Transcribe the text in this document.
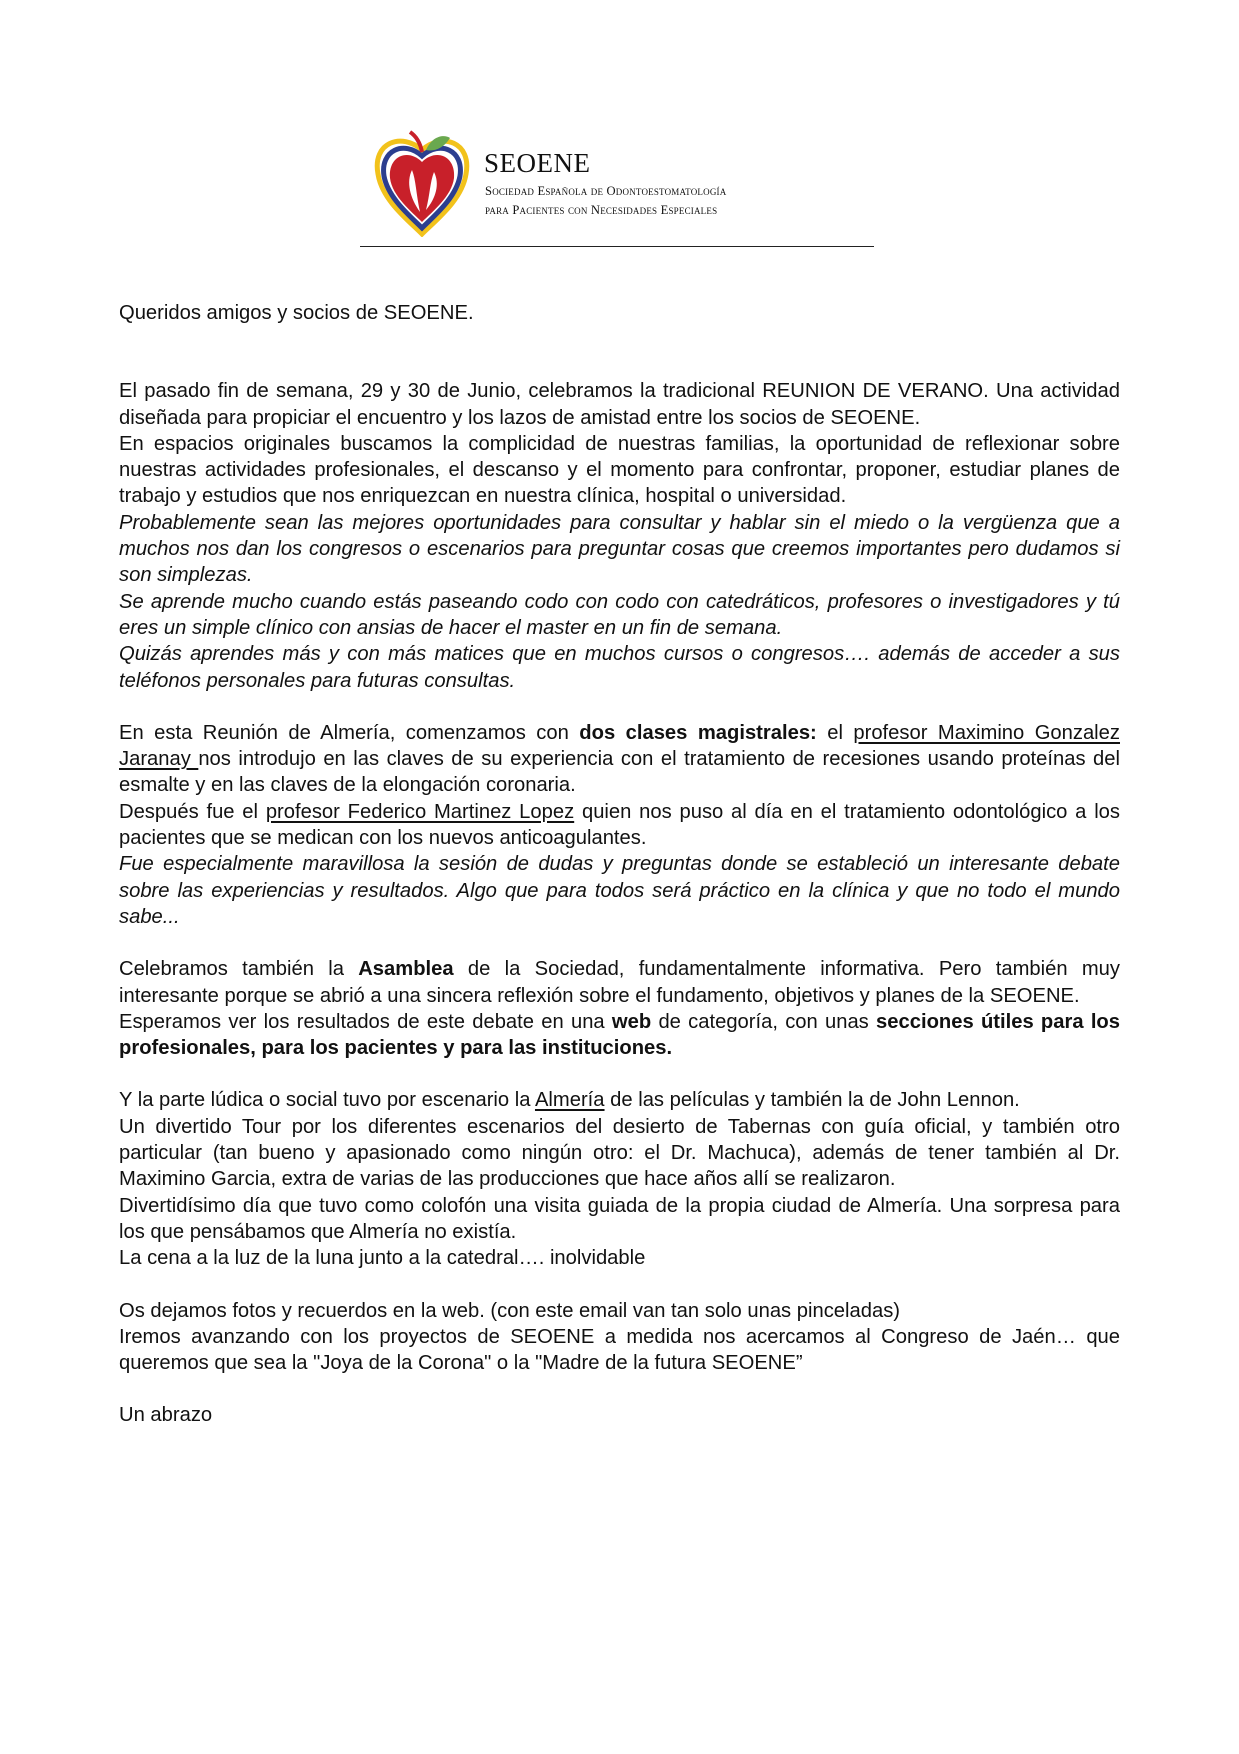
SEOENE
Sociedad Española de Odontoestomatología
para Pacientes con Necesidades Especiales

Queridos amigos y socios de SEOENE.

El pasado fin de semana, 29 y 30 de Junio, celebramos la tradicional REUNION DE VERANO. Una actividad diseñada para propiciar el encuentro y los lazos de amistad entre los socios de SEOENE.

En espacios originales buscamos la complicidad de nuestras familias, la oportunidad de reflexionar sobre nuestras actividades profesionales, el descanso y el momento para confrontar, proponer, estudiar planes de trabajo y estudios que nos enriquezcan en nuestra clínica, hospital o universidad.

Probablemente sean las mejores oportunidades para consultar y hablar sin el miedo o la vergüenza que a muchos nos dan los congresos o escenarios para preguntar cosas que creemos importantes pero dudamos si son simplezas.

Se aprende mucho cuando estás paseando codo con codo con catedráticos, profesores o investigadores y tú eres un simple clínico con ansias de hacer el master en un fin de semana.

Quizás aprendes más y con más matices que en muchos cursos o congresos…. además de acceder a sus teléfonos personales para futuras consultas.

En esta Reunión de Almería, comenzamos con dos clases magistrales: el profesor Maximino Gonzalez Jaranay nos introdujo en las claves de su experiencia con el tratamiento de recesiones usando proteínas del esmalte y en las claves de la elongación coronaria.

Después fue el profesor Federico Martinez Lopez quien nos puso al día en el tratamiento odontológico a los pacientes que se medican con los nuevos anticoagulantes.

Fue especialmente maravillosa la sesión de dudas y preguntas donde se estableció un interesante debate sobre las experiencias y resultados. Algo que para todos será práctico en la clínica y que no todo el mundo sabe...

Celebramos también la Asamblea de la Sociedad, fundamentalmente informativa. Pero también muy interesante porque se abrió a una sincera reflexión sobre el fundamento, objetivos y planes de la SEOENE.

Esperamos ver los resultados de este debate en una web de categoría, con unas secciones útiles para los profesionales, para los pacientes y para las instituciones.

Y la parte lúdica o social tuvo por escenario la Almería de las películas y también la de John Lennon.

Un divertido Tour por los diferentes escenarios del desierto de Tabernas con guía oficial, y también otro particular (tan bueno y apasionado como ningún otro: el Dr. Machuca), además de tener también al Dr. Maximino Garcia, extra de varias de las producciones que hace años allí se realizaron.

Divertidísimo día que tuvo como colofón una visita guiada de la propia ciudad de Almería. Una sorpresa para los que pensábamos que Almería no existía.

La cena a la luz de la luna junto a la catedral…. inolvidable

Os dejamos fotos y recuerdos en la web. (con este email van tan solo unas pinceladas)

Iremos avanzando con los proyectos de SEOENE a medida nos acercamos al Congreso de Jaén… que queremos que sea la "Joya de la Corona" o la "Madre de la futura SEOENE”

Un abrazo
